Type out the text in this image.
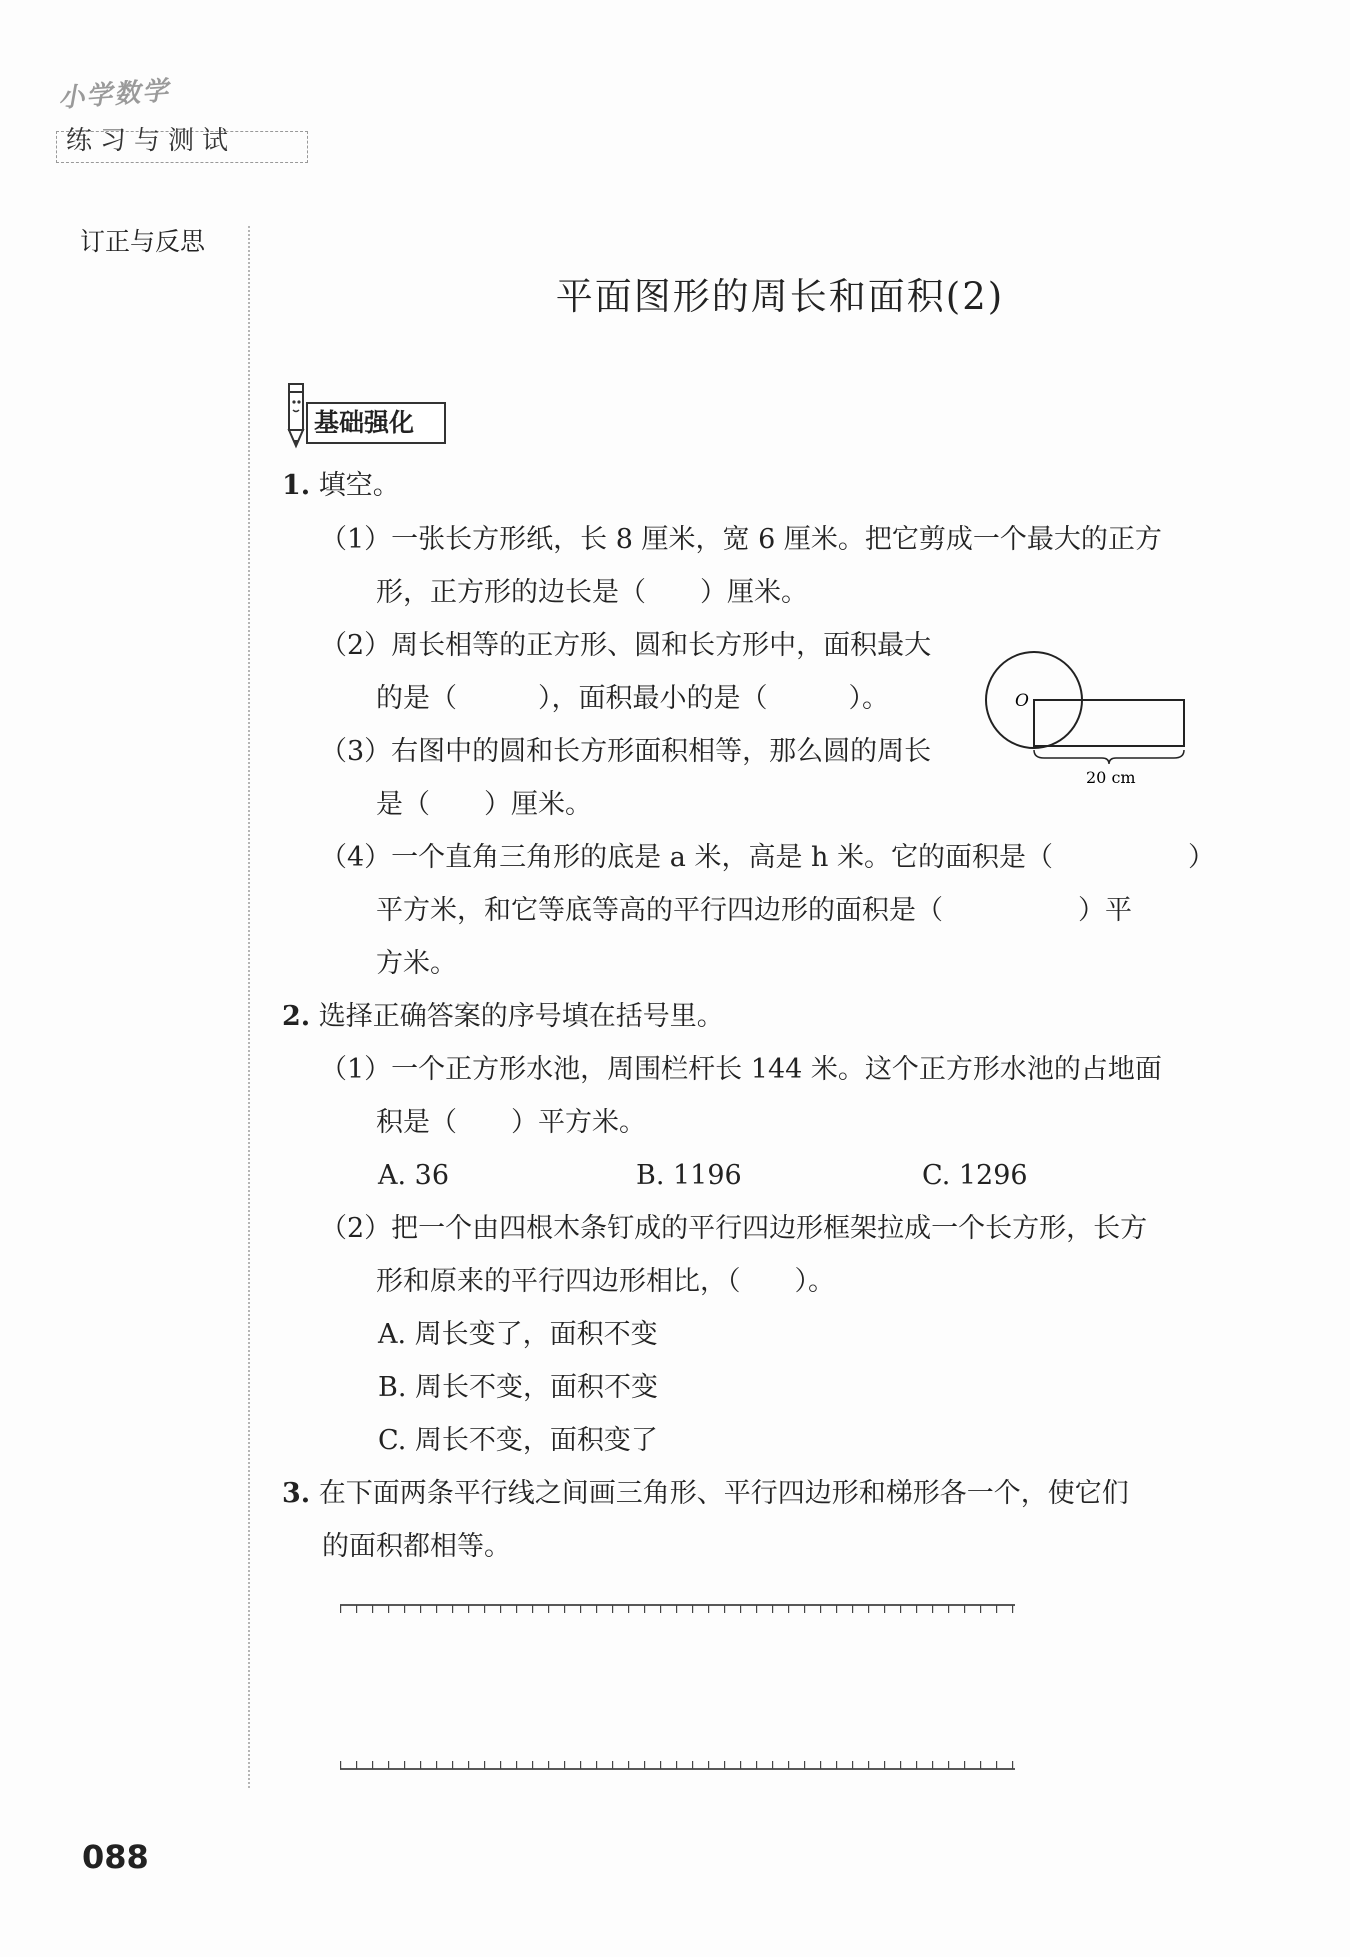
小学数学
练习与测试
订正与反思
平面图形的周长和面积(2)
基础强化
1. 填空。
（1）一张长方形纸，长 8 厘米，宽 6 厘米。把它剪成一个最大的正方
形，正方形的边长是（　　）厘米。
（2）周长相等的正方形、圆和长方形中，面积最大
的是（　　　），面积最小的是（　　　）。
（3）右图中的圆和长方形面积相等，那么圆的周长
是（　　）厘米。
O
20 cm
（4）一个直角三角形的底是 a 米，高是 h 米。它的面积是（　　　　　）
平方米，和它等底等高的平行四边形的面积是（　　　　　）平
方米。
2. 选择正确答案的序号填在括号里。
（1）一个正方形水池，周围栏杆长 144 米。这个正方形水池的占地面
积是（　　）平方米。
A. 36	B. 1196	C. 1296
（2）把一个由四根木条钉成的平行四边形框架拉成一个长方形，长方
形和原来的平行四边形相比，（　　）。
A. 周长变了，面积不变
B. 周长不变，面积不变
C. 周长不变，面积变了
3. 在下面两条平行线之间画三角形、平行四边形和梯形各一个，使它们
的面积都相等。
088
